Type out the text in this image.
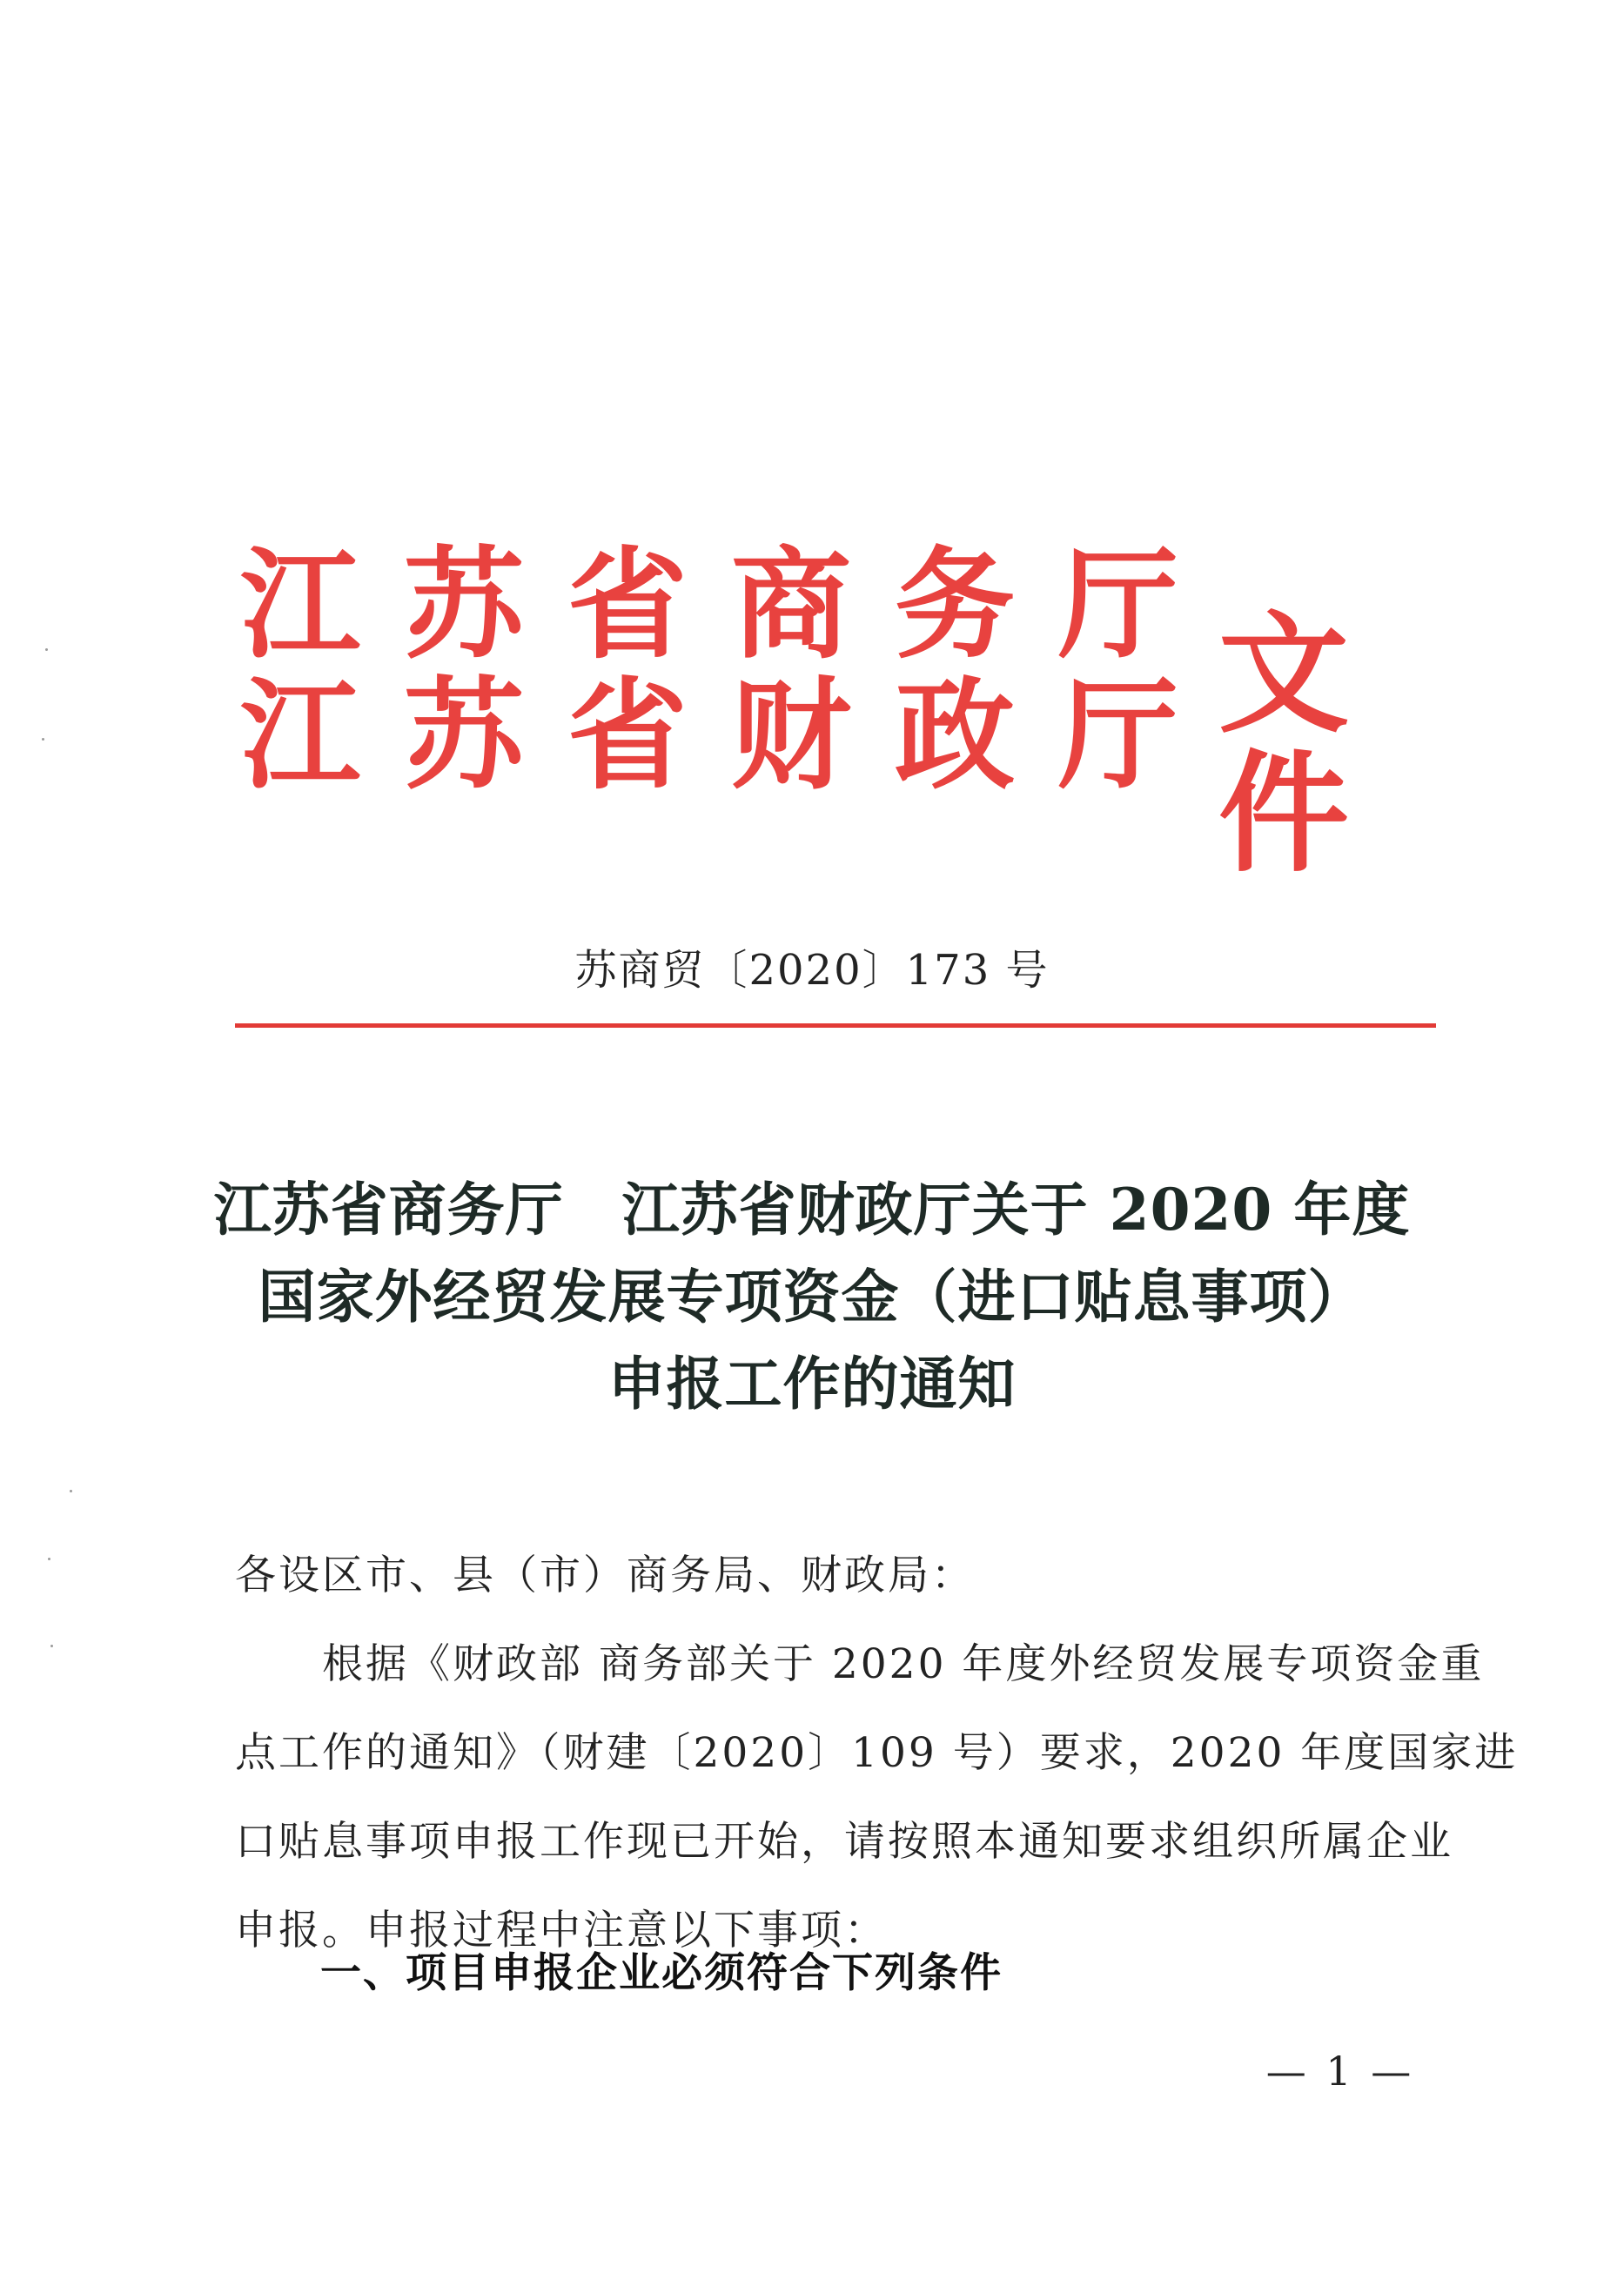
江 苏 省 商 务 厅
江 苏 省 财 政 厅 文件
苏商贸〔2020〕173 号
江苏省商务厅　江苏省财政厅关于 2020 年度
国家外经贸发展专项资金（进口贴息事项）
申报工作的通知
各设区市、县（市）商务局、财政局：
根据《财政部 商务部关于 2020 年度外经贸发展专项资金重
点工作的通知》（财建〔2020〕109 号）要求，2020 年度国家进
口贴息事项申报工作现已开始，请按照本通知要求组织所属企业
申报。申报过程中注意以下事项：
一、项目申报企业必须符合下列条件
— 1 —
